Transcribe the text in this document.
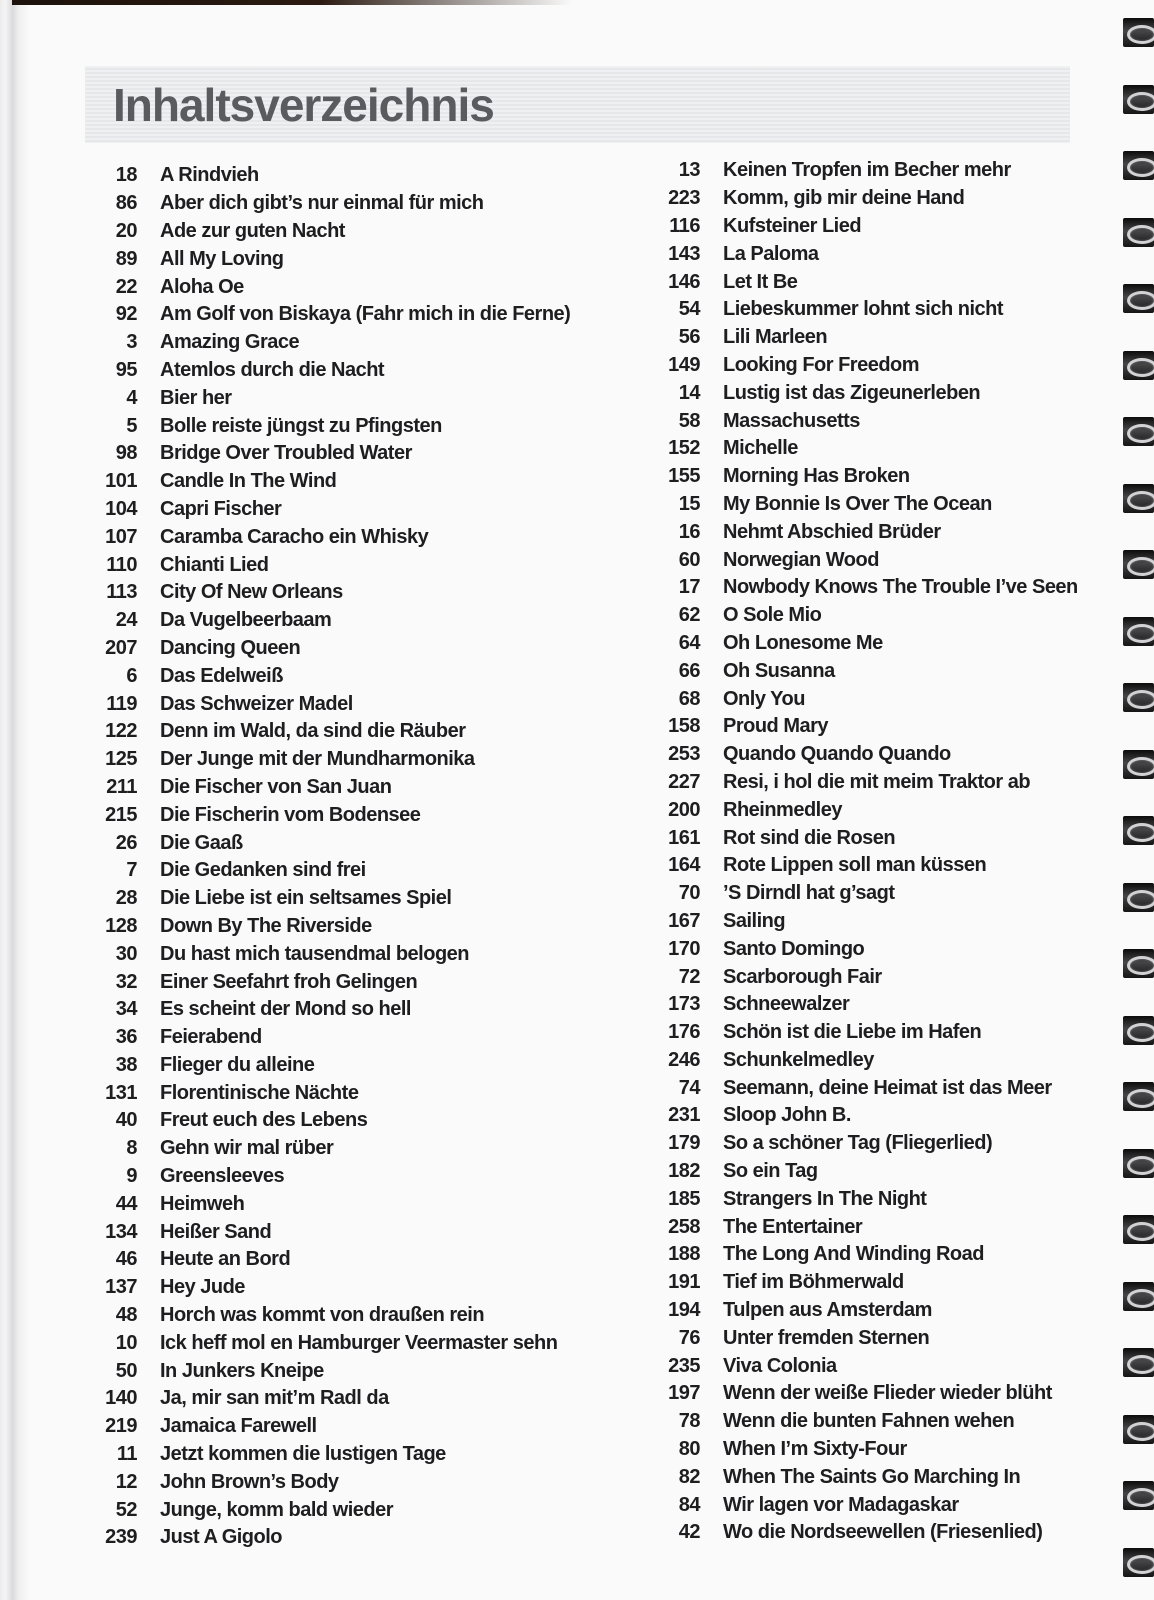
Inhaltsverzeichnis
18 A Rindvieh
86 Aber dich gibt’s nur einmal für mich
20 Ade zur guten Nacht
89 All My Loving
22 Aloha Oe
92 Am Golf von Biskaya (Fahr mich in die Ferne)
3 Amazing Grace
95 Atemlos durch die Nacht
4 Bier her
5 Bolle reiste jüngst zu Pfingsten
98 Bridge Over Troubled Water
101 Candle In The Wind
104 Capri Fischer
107 Caramba Caracho ein Whisky
110 Chianti Lied
113 City Of New Orleans
24 Da Vugelbeerbaam
207 Dancing Queen
6 Das Edelweiß
119 Das Schweizer Madel
122 Denn im Wald, da sind die Räuber
125 Der Junge mit der Mundharmonika
211 Die Fischer von San Juan
215 Die Fischerin vom Bodensee
26 Die Gaaß
7 Die Gedanken sind frei
28 Die Liebe ist ein seltsames Spiel
128 Down By The Riverside
30 Du hast mich tausendmal belogen
32 Einer Seefahrt froh Gelingen
34 Es scheint der Mond so hell
36 Feierabend
38 Flieger du alleine
131 Florentinische Nächte
40 Freut euch des Lebens
8 Gehn wir mal rüber
9 Greensleeves
44 Heimweh
134 Heißer Sand
46 Heute an Bord
137 Hey Jude
48 Horch was kommt von draußen rein
10 Ick heff mol en Hamburger Veermaster sehn
50 In Junkers Kneipe
140 Ja, mir san mit’m Radl da
219 Jamaica Farewell
11 Jetzt kommen die lustigen Tage
12 John Brown’s Body
52 Junge, komm bald wieder
239 Just A Gigolo
13 Keinen Tropfen im Becher mehr
223 Komm, gib mir deine Hand
116 Kufsteiner Lied
143 La Paloma
146 Let It Be
54 Liebeskummer lohnt sich nicht
56 Lili Marleen
149 Looking For Freedom
14 Lustig ist das Zigeunerleben
58 Massachusetts
152 Michelle
155 Morning Has Broken
15 My Bonnie Is Over The Ocean
16 Nehmt Abschied Brüder
60 Norwegian Wood
17 Nowbody Knows The Trouble I’ve Seen
62 O Sole Mio
64 Oh Lonesome Me
66 Oh Susanna
68 Only You
158 Proud Mary
253 Quando Quando Quando
227 Resi, i hol die mit meim Traktor ab
200 Rheinmedley
161 Rot sind die Rosen
164 Rote Lippen soll man küssen
70 ’S Dirndl hat g’sagt
167 Sailing
170 Santo Domingo
72 Scarborough Fair
173 Schneewalzer
176 Schön ist die Liebe im Hafen
246 Schunkelmedley
74 Seemann, deine Heimat ist das Meer
231 Sloop John B.
179 So a schöner Tag (Fliegerlied)
182 So ein Tag
185 Strangers In The Night
258 The Entertainer
188 The Long And Winding Road
191 Tief im Böhmerwald
194 Tulpen aus Amsterdam
76 Unter fremden Sternen
235 Viva Colonia
197 Wenn der weiße Flieder wieder blüht
78 Wenn die bunten Fahnen wehen
80 When I’m Sixty-Four
82 When The Saints Go Marching In
84 Wir lagen vor Madagaskar
42 Wo die Nordseewellen (Friesenlied)
